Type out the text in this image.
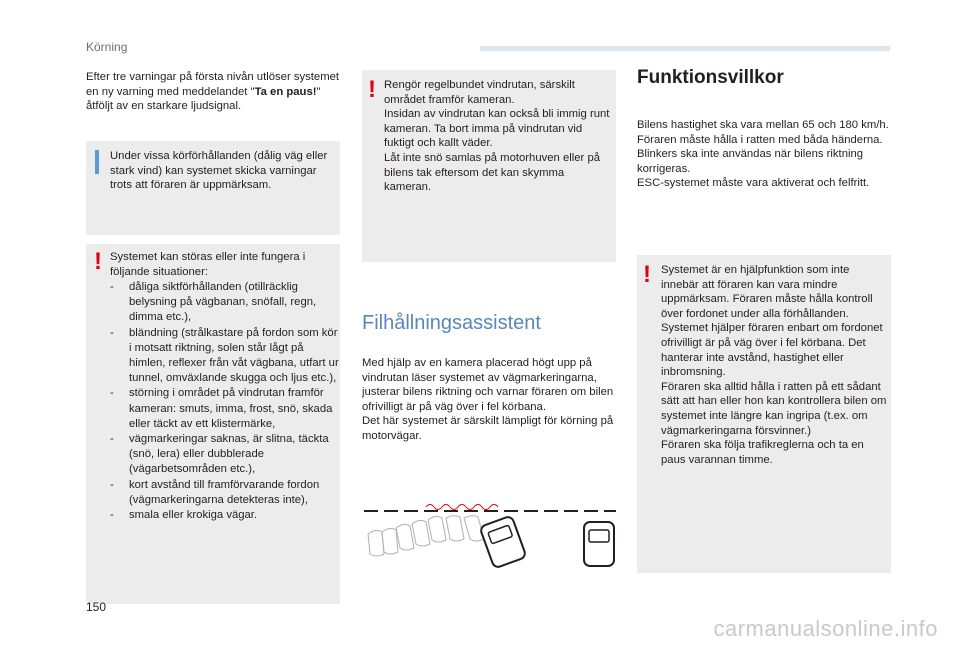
Körning

Efter tre varningar på första nivån utlöser systemet en ny varning med meddelandet "Ta en paus!" åtföljt av en starkare ljudsignal.

Under vissa körförhållanden (dålig väg eller stark vind) kan systemet skicka varningar trots att föraren är uppmärksam.

! Systemet kan störas eller inte fungera i följande situationer:

- dåliga siktförhållanden (otillräcklig belysning på vägbanan, snöfall, regn, dimma etc.),
- bländning (strålkastare på fordon som kör i motsatt riktning, solen står lågt på himlen, reflexer från våt vägbana, utfart ur tunnel, omväxlande skugga och ljus etc.),
- störning i området på vindrutan framför kameran: smuts, imma, frost, snö, skada eller täckt av ett klistermärke,
- vägmarkeringar saknas, är slitna, täckta (snö, lera) eller dubblerade (vägarbetsområden etc.),
- kort avstånd till framförvarande fordon (vägmarkeringarna detekteras inte),
- smala eller krokiga vägar.
! Rengör regelbundet vindrutan, särskilt området framför kameran.
Insidan av vindrutan kan också bli immig runt kameran. Ta bort imma på vindrutan vid fuktigt och kallt väder.
Låt inte snö samlas på motorhuven eller på bilens tak eftersom det kan skymma kameran.

Filhållningsassistent

Med hjälp av en kamera placerad högt upp på vindrutan läser systemet av vägmarkeringarna, justerar bilens riktning och varnar föraren om bilen ofrivilligt är på väg över i fel körbana.
Det här systemet är särskilt lämpligt för körning på motorvägar.

Funktionsvillkor

Bilens hastighet ska vara mellan 65 och 180 km/h.
Föraren måste hålla i ratten med båda händerna.
Blinkers ska inte användas när bilens riktning korrigeras.
ESC-systemet måste vara aktiverat och felfritt.

! Systemet är en hjälpfunktion som inte innebär att föraren kan vara mindre uppmärksam. Föraren måste hålla kontroll över fordonet under alla förhållanden.
Systemet hjälper föraren enbart om fordonet ofrivilligt är på väg över i fel körbana. Det hanterar inte avstånd, hastighet eller inbromsning.
Föraren ska alltid hålla i ratten på ett sådant sätt att han eller hon kan kontrollera bilen om systemet inte längre kan ingripa (t.ex. om vägmarkeringarna försvinner.)
Föraren ska följa trafikreglerna och ta en paus varannan timme.

150
carmanualsonline.info
